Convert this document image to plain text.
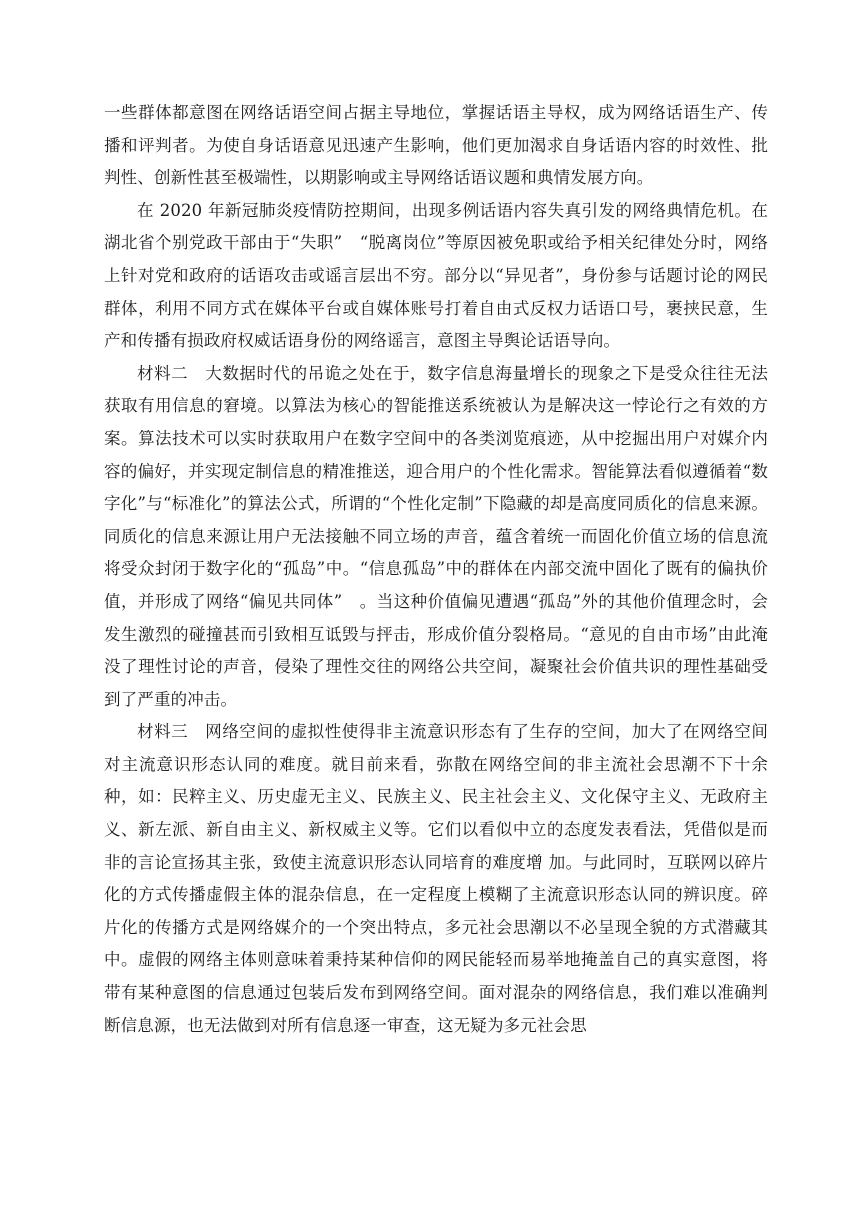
一些群体都意图在网络话语空间占据主导地位，掌握话语主导权，成为网络话语生产、传播和评判者。为使自身话语意见迅速产生影响，他们更加渴求自身话语内容的时效性、批判性、创新性甚至极端性，以期影响或主导网络话语议题和典情发展方向。

在 2020 年新冠肺炎疫情防控期间，出现多例话语内容失真引发的网络典情危机。在湖北省个别党政干部由于“失职”　“脱离岗位”等原因被免职或给予相关纪律处分时，网络上针对党和政府的话语攻击或谣言层出不穷。部分以“异见者”，身份参与话题讨论的网民群体，利用不同方式在媒体平台或自媒体账号打着自由式反权力话语口号，裹挟民意，生产和传播有损政府权威话语身份的网络谣言，意图主导舆论话语导向。

材料二　大数据时代的吊诡之处在于，数字信息海量增长的现象之下是受众往往无法获取有用信息的窘境。以算法为核心的智能推送系统被认为是解决这一悖论行之有效的方案。算法技术可以实时获取用户在数字空间中的各类浏览痕迹，从中挖掘出用户对媒介内容的偏好，并实现定制信息的精准推送，迎合用户的个性化需求。智能算法看似遵循着“数字化”与“标准化”的算法公式，所谓的“个性化定制”下隐藏的却是高度同质化的信息来源。同质化的信息来源让用户无法接触不同立场的声音，蕴含着统一而固化价值立场的信息流将受众封闭于数字化的“孤岛”中。“信息孤岛”中的群体在内部交流中固化了既有的偏执价值，并形成了网络“偏见共同体”　。当这种价值偏见遭遇“孤岛”外的其他价值理念时，会发生激烈的碰撞甚而引致相互诋毁与抨击，形成价值分裂格局。“意见的自由市场”由此淹没了理性讨论的声音，侵染了理性交往的网络公共空间，凝聚社会价值共识的理性基础受到了严重的冲击。

材料三　网络空间的虚拟性使得非主流意识形态有了生存的空间，加大了在网络空间对主流意识形态认同的难度。就目前来看，弥散在网络空间的非主流社会思潮不下十余种，如：民粹主义、历史虚无主义、民族主义、民主社会主义、文化保守主义、无政府主义、新左派、新自由主义、新权威主义等。它们以看似中立的态度发表看法，凭借似是而非的言论宣扬其主张，致使主流意识形态认同培育的难度增 加。与此同时，互联网以碎片化的方式传播虚假主体的混杂信息，在一定程度上模糊了主流意识形态认同的辨识度。碎片化的传播方式是网络媒介的一个突出特点，多元社会思潮以不必呈现全貌的方式潜藏其中。虚假的网络主体则意味着秉持某种信仰的网民能轻而易举地掩盖自己的真实意图，将带有某种意图的信息通过包装后发布到网络空间。面对混杂的网络信息，我们难以准确判断信息源，也无法做到对所有信息逐一审查，这无疑为多元社会思
